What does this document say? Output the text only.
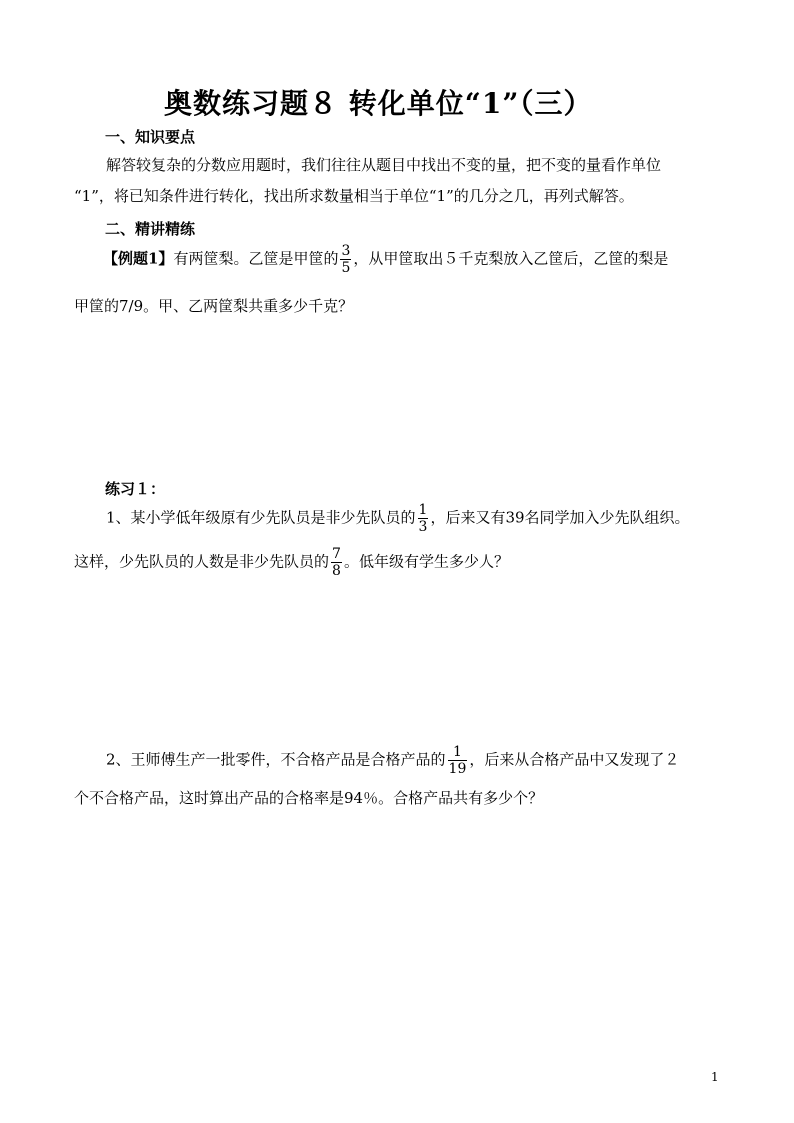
奥数练习题８ 转化单位“1”（三）
一、知识要点
解答较复杂的分数应用题时，我们往往从题目中找出不变的量，把不变的量看作单位
“1”，将已知条件进行转化，找出所求数量相当于单位“1”的几分之几，再列式解答。
二、精讲精练
【例题1】有两筐梨。乙筐是甲筐的 $\frac{3}{5}$ ，从甲筐取出５千克梨放入乙筐后，乙筐的梨是
甲筐的7/9。甲、乙两筐梨共重多少千克？
练习１：
1、某小学低年级原有少先队员是非少先队员的 $\frac{1}{3}$ ，后来又有39名同学加入少先队组织。
这样，少先队员的人数是非少先队员的 $\frac{7}{8}$ 。低年级有学生多少人？
2、王师傅生产一批零件，不合格产品是合格产品的 $\frac{1}{19}$ ，后来从合格产品中又发现了２
个不合格产品，这时算出产品的合格率是94％。合格产品共有多少个？
1
